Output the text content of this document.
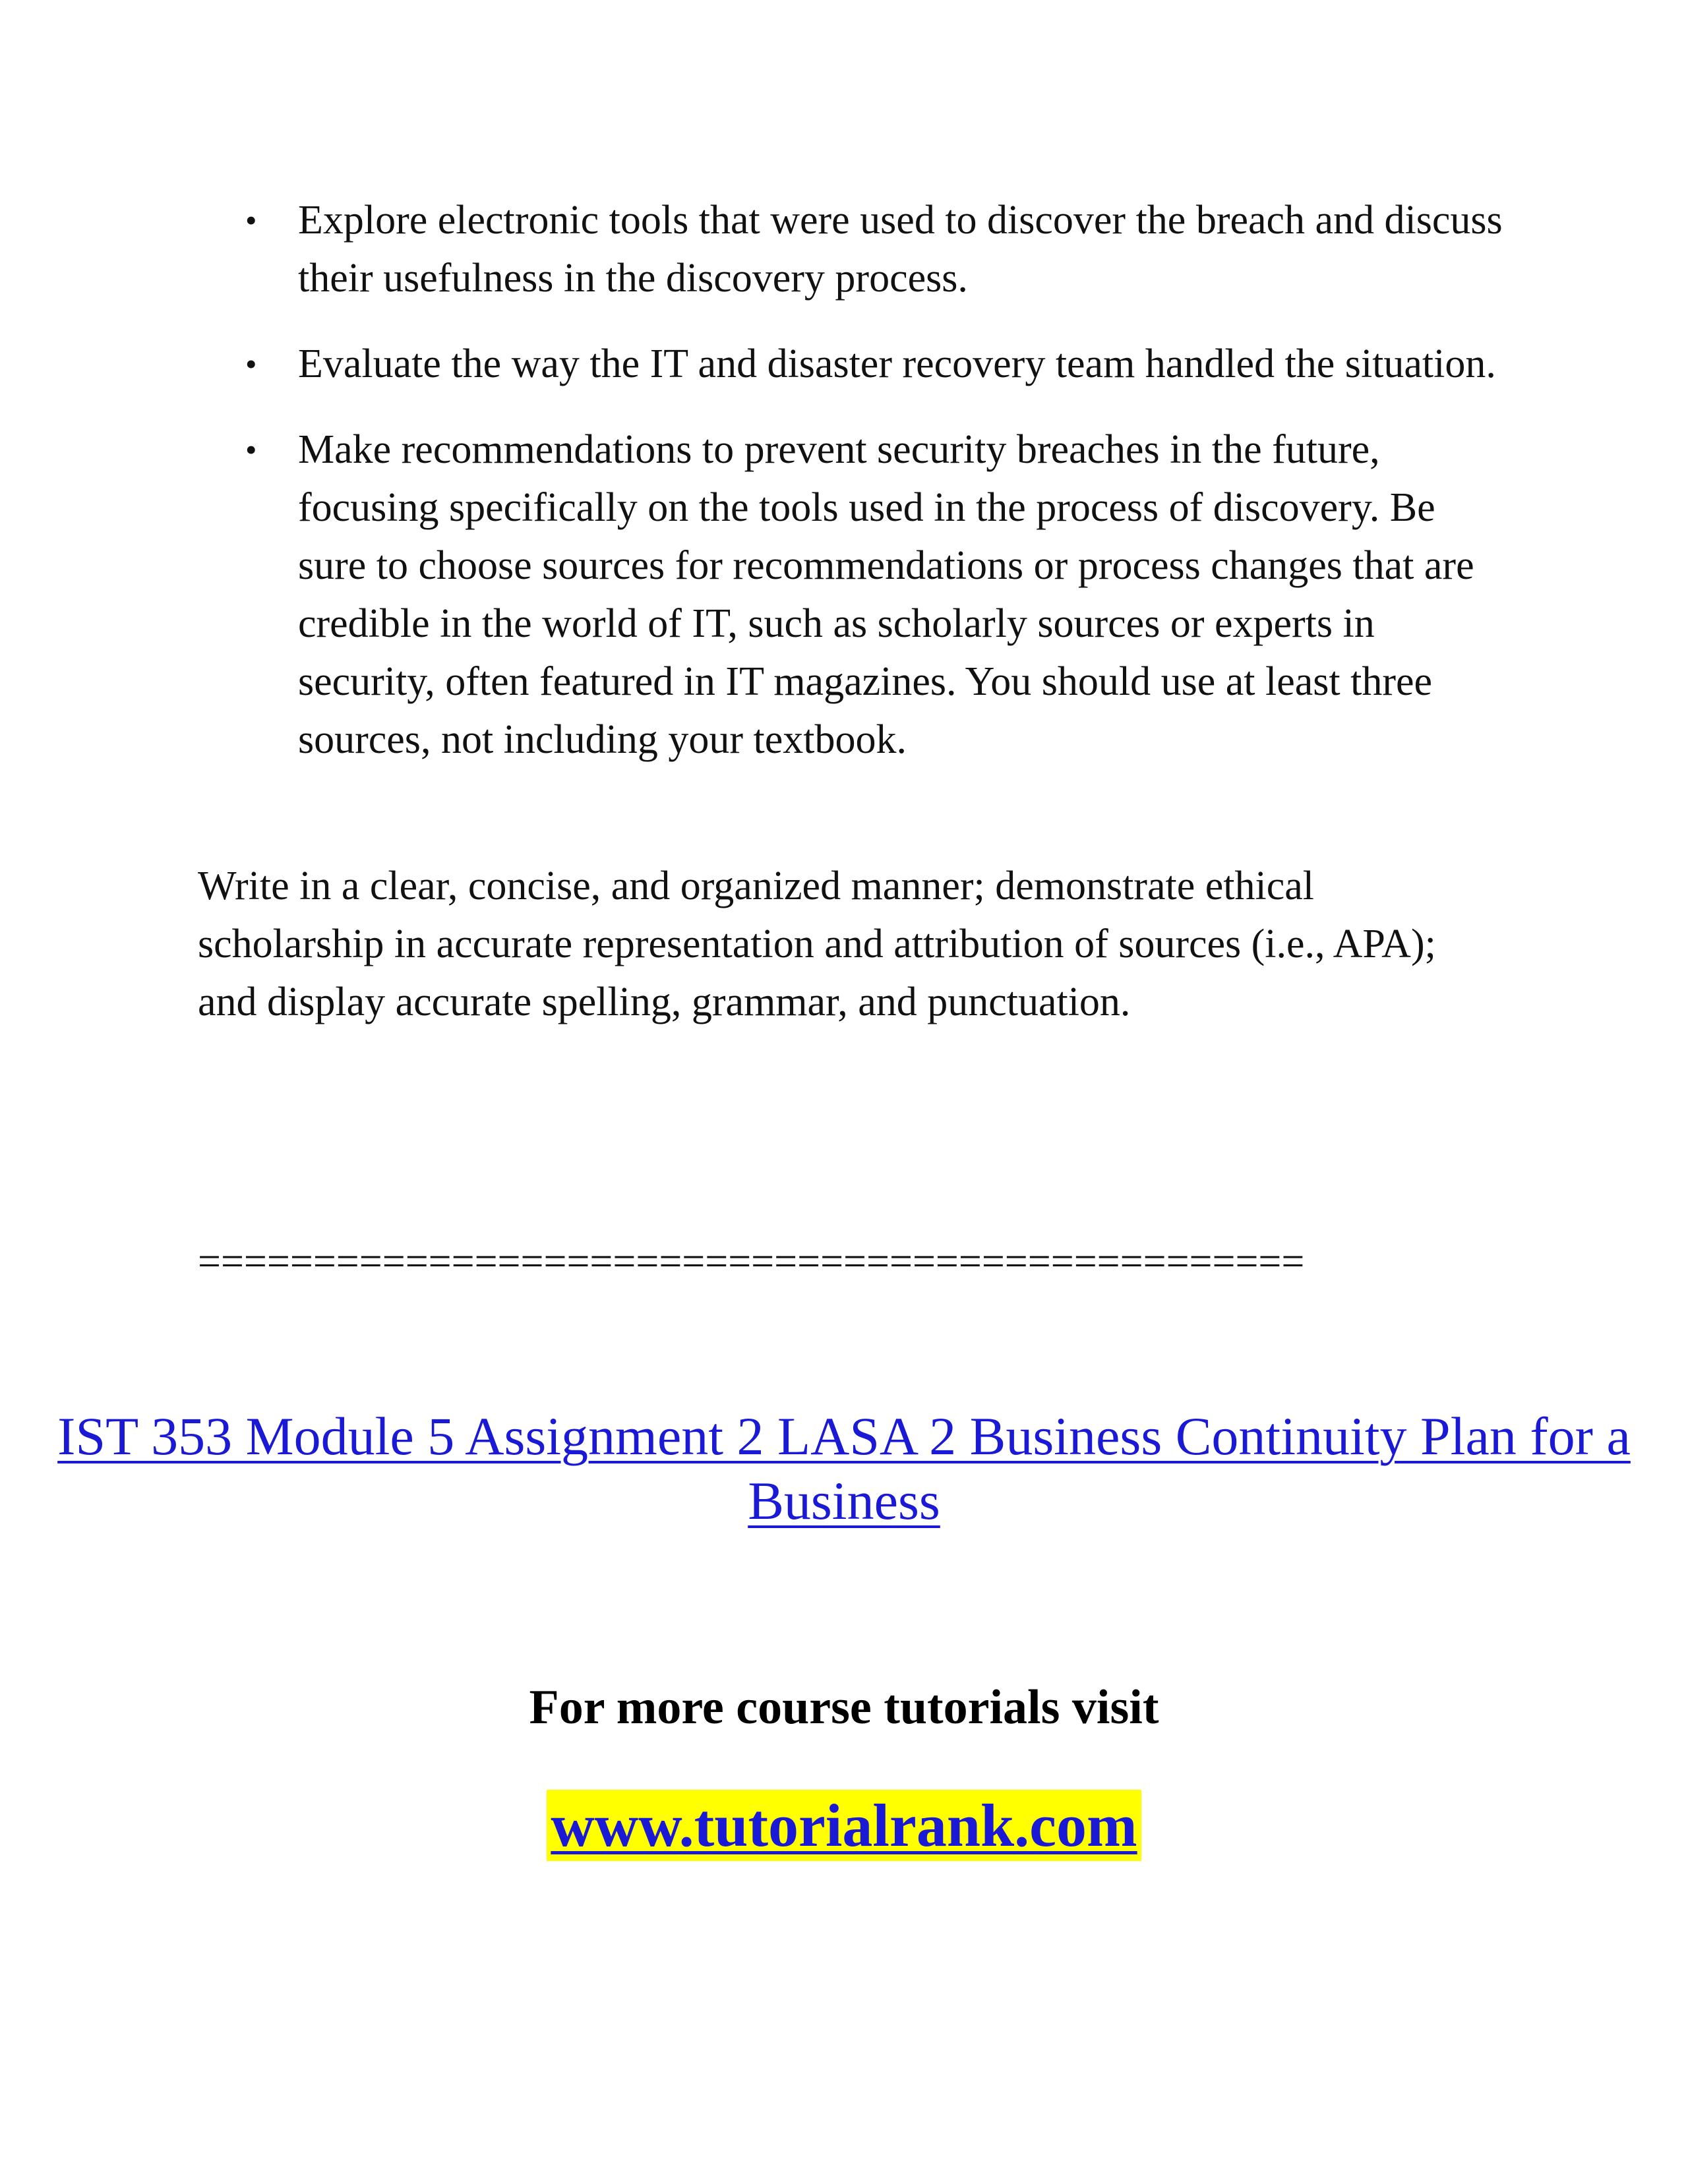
• Explore electronic tools that were used to discover the breach and discuss their usefulness in the discovery process.
• Evaluate the way the IT and disaster recovery team handled the situation.
• Make recommendations to prevent security breaches in the future, focusing specifically on the tools used in the process of discovery. Be sure to choose sources for recommendations or process changes that are credible in the world of IT, such as scholarly sources or experts in security, often featured in IT magazines. You should use at least three sources, not including your textbook.
Write in a clear, concise, and organized manner; demonstrate ethical scholarship in accurate representation and attribution of sources (i.e., APA); and display accurate spelling, grammar, and punctuation.
================================================
IST 353 Module 5 Assignment 2 LASA 2 Business Continuity Plan for a Business
For more course tutorials visit
www.tutorialrank.com
